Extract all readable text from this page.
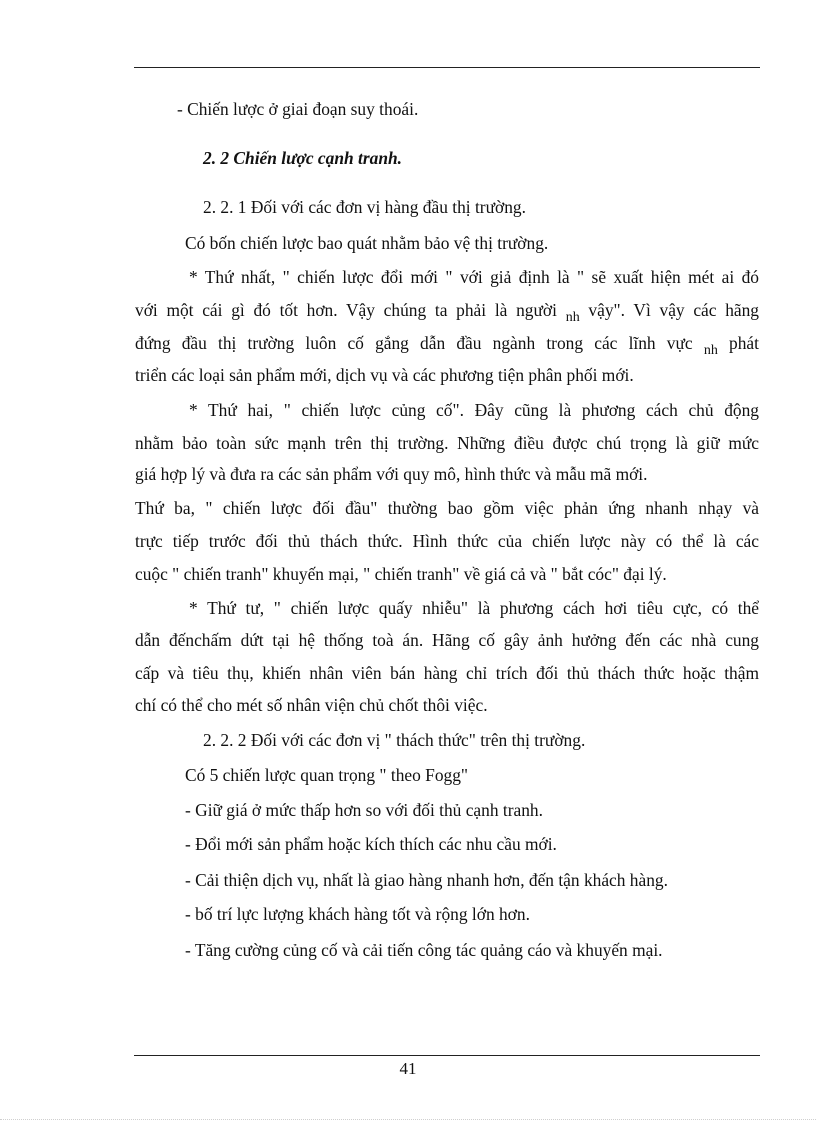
- Chiến lược ở giai đoạn suy thoái.
2. 2 Chiến lược cạnh tranh.
2. 2. 1 Đối với các đơn vị hàng đầu thị trường.
Có bốn chiến lược bao quát nhằm bảo vệ thị trường.
* Thứ nhất, " chiến lược đổi mới " với giả định là " sẽ xuất hiện mét ai đó
với một cái gì đó tốt hơn. Vậy chúng ta phải là người $_{nh}$ vậy". Vì vậy các hãng
đứng đầu thị trường luôn cố gắng dẫn đầu ngành trong các lĩnh vực $_{nh}$ phát
triển các loại sản phẩm mới, dịch vụ và các phương tiện phân phối mới.
* Thứ hai, " chiến lược củng cố". Đây cũng là phương cách chủ động
nhằm bảo toàn sức mạnh trên thị trường. Những điều được chú trọng là giữ mức
giá hợp lý và đưa ra các sản phẩm với quy mô, hình thức và mẫu mã mới.
Thứ ba, " chiến lược đối đầu" thường bao gồm việc phản ứng nhanh nhạy và
trực tiếp trước đối thủ thách thức. Hình thức của chiến lược này có thể là các
cuộc " chiến tranh" khuyến mại, " chiến tranh" về giá cả và " bắt cóc" đại lý.
* Thứ tư, " chiến lược quấy nhiễu" là phương cách hơi tiêu cực, có thể
dẫn đếnchấm dứt tại hệ thống toà án. Hãng cố gây ảnh hưởng đến các nhà cung
cấp và tiêu thụ, khiến nhân viên bán hàng chỉ trích đối thủ thách thức hoặc thậm
chí có thể cho mét số nhân viện chủ chốt thôi việc.
2. 2. 2 Đối với các đơn vị " thách thức" trên thị trường.
Có 5 chiến lược quan trọng " theo Fogg"
- Giữ giá ở mức thấp hơn so với đối thủ cạnh tranh.
- Đổi mới sản phẩm hoặc kích thích các nhu cầu mới.
- Cải thiện dịch vụ, nhất là giao hàng nhanh hơn, đến tận khách hàng.
- bố trí lực lượng khách hàng tốt và rộng lớn hơn.
- Tăng cường củng cố và cải tiến công tác quảng cáo và khuyến mại.
41
